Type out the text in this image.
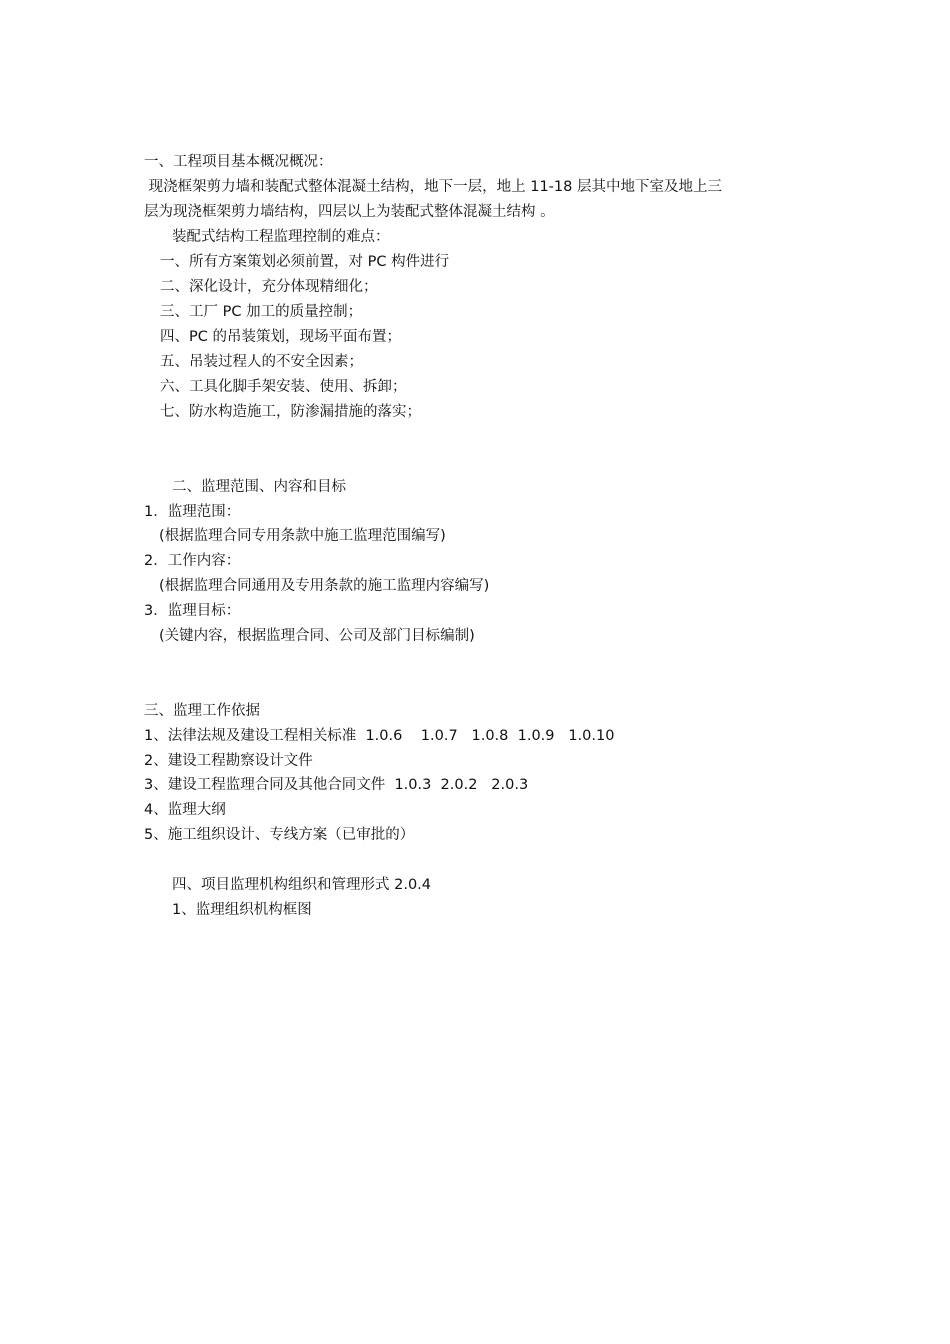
一、工程项目基本概况概况：

现浇框架剪力墙和装配式整体混凝土结构，地下一层，地上 11-18 层其中地下室及地上三

层为现浇框架剪力墙结构，四层以上为装配式整体混凝土结构 。

装配式结构工程监理控制的难点：

一、所有方案策划必须前置，对 PC 构件进行

二、深化设计，充分体现精细化；

三、工厂 PC 加工的质量控制；

四、PC 的吊装策划，现场平面布置；

五、吊装过程人的不安全因素；

六、工具化脚手架安装、使用、拆卸；

七、防水构造施工，防渗漏措施的落实；

二、监理范围、内容和目标

1．监理范围：

(根据监理合同专用条款中施工监理范围编写)

2．工作内容：

(根据监理合同通用及专用条款的施工监理内容编写)

3．监理目标：

(关键内容，根据监理合同、公司及部门目标编制)

三、监理工作依据

1、法律法规及建设工程相关标准  1.0.6    1.0.7   1.0.8  1.0.9   1.0.10

2、建设工程勘察设计文件

3、建设工程监理合同及其他合同文件  1.0.3  2.0.2   2.0.3

4、监理大纲

5、施工组织设计、专线方案（已审批的）

四、项目监理机构组织和管理形式 2.0.4

1、监理组织机构框图
